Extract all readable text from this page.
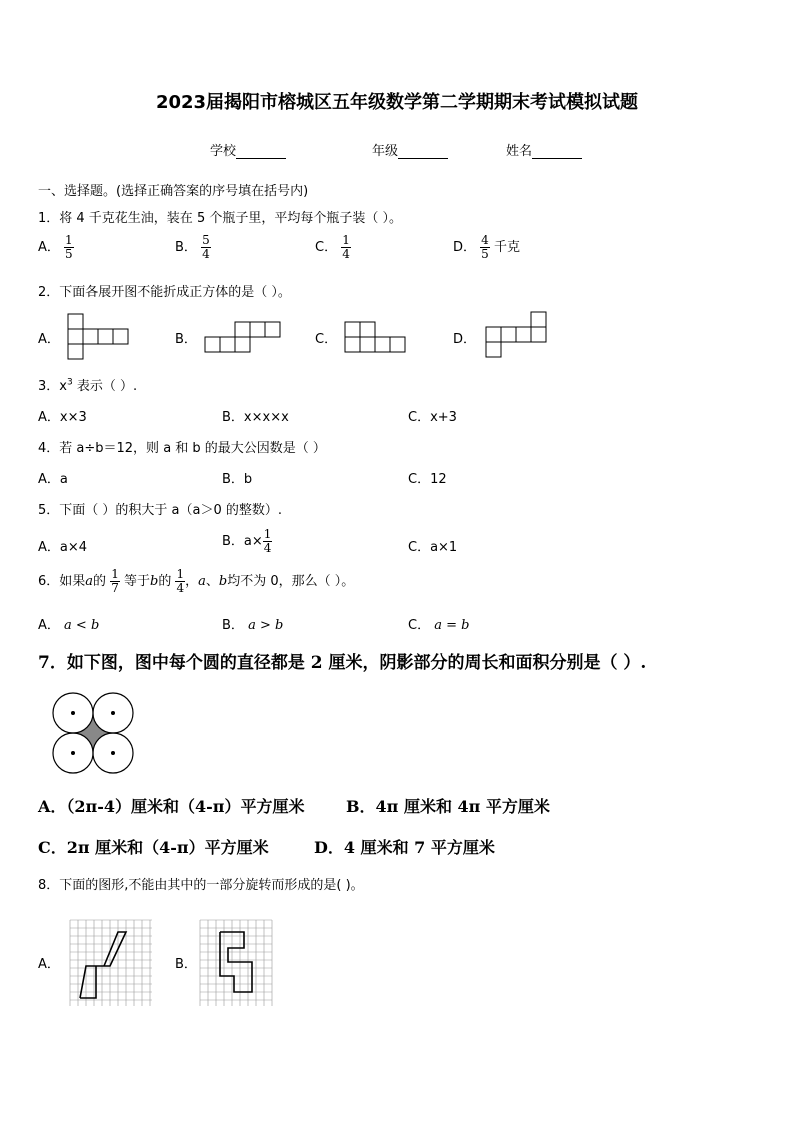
2023届揭阳市榕城区五年级数学第二学期期末考试模拟试题
学校	年级	姓名
一、选择题。(选择正确答案的序号填在括号内)
1．将 4 千克花生油，装在 5 个瓶子里，平均每个瓶子装（ ）。
A． $\frac{1}{5}$	B． $\frac{5}{4}$	C． $\frac{1}{4}$	D． $\frac{4}{5}$ 千克
2．下面各展开图不能折成正方体的是（ ）。
A．	B．	C．	D．
3．$x^3$ 表示（ ）.
A．x×3	B．x×x×x	C．x+3
4．若 a÷b＝12，则 a 和 b 的最大公因数是（ ）
A．a	B．b	C．12
5．下面（ ）的积大于 a（a＞0 的整数）.
A．a×4	B．$a\times \frac{1}{4}$	C．a×1
6．如果a的 $\frac{1}{7}$ 等于b的 $\frac{1}{4}$ ，a、b均不为 0，那么（ ）。
A． a < b	B． a > b	C． a = b
7．如下图，图中每个圆的直径都是 2 厘米，阴影部分的周长和面积分别是（ ）.
A．（2π-4）厘米和（4-π）平方厘米	B．4π 厘米和 4π 平方厘米
C．2π 厘米和（4-π）平方厘米	D．4 厘米和 7 平方厘米
8．下面的图形,不能由其中的一部分旋转而形成的是( )。
A．	B．
